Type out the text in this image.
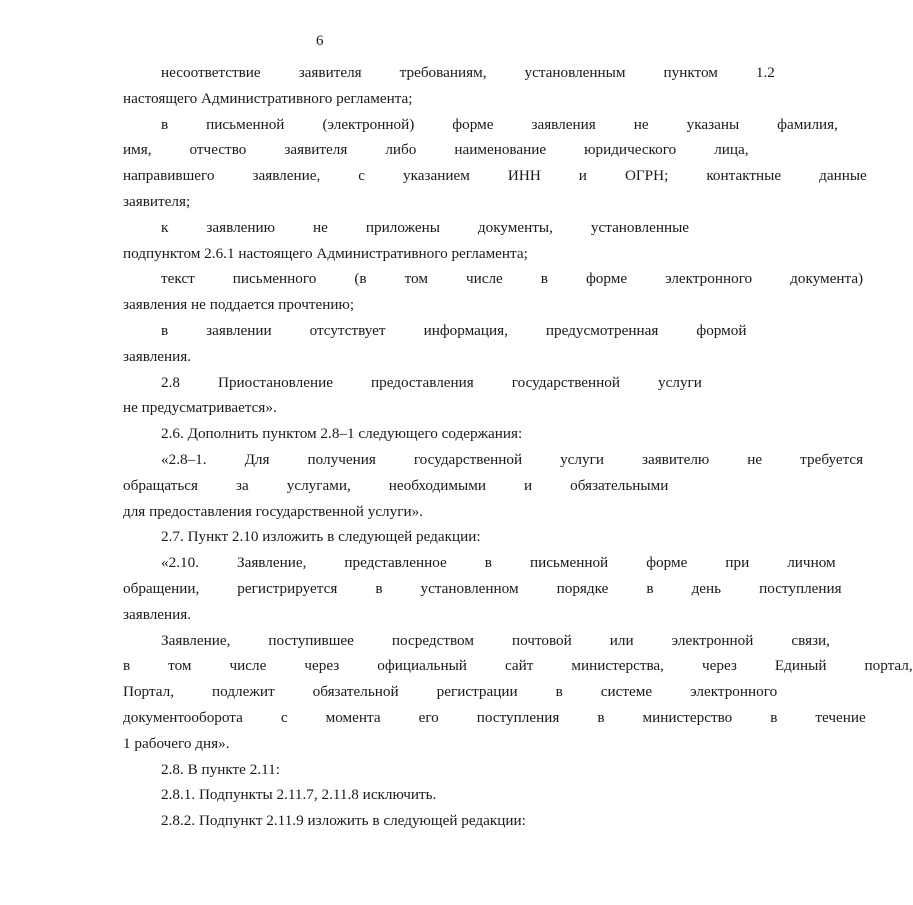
6
несоответствие	заявителя	требованиям,	установленным	пунктом	1.2
настоящего Административного регламента;
в	письменной	(электронной)	форме	заявления	не	указаны	фамилия,
имя,	отчество	заявителя	либо	наименование	юридического	лица,
направившего	заявление,	с	указанием	ИНН	и	ОГРН;	контактные	данные
заявителя;
к	заявлению	не	приложены	документы,	установленные
подпунктом 2.6.1 настоящего Административного регламента;
текст	письменного	(в	том	числе	в	форме	электронного	документа)
заявления не поддается прочтению;
в	заявлении	отсутствует	информация,	предусмотренная	формой
заявления.
2.8	Приостановление	предоставления	государственной	услуги
не предусматривается».
2.6. Дополнить пунктом 2.8–1 следующего содержания:
«2.8–1.	Для	получения	государственной	услуги	заявителю	не	требуется
обращаться	за	услугами,	необходимыми	и	обязательными
для предоставления государственной услуги».
2.7. Пункт 2.10 изложить в следующей редакции:
«2.10.	Заявление,	представленное	в	письменной	форме	при	личном
обращении,	регистрируется	в	установленном	порядке	в	день	поступления
заявления.
Заявление,	поступившее	посредством	почтовой	или	электронной	связи,
в	том	числе	через	официальный	сайт	министерства,	через	Единый	портал,
Портал,	подлежит	обязательной	регистрации	в	системе	электронного
документооборота	с	момента	его	поступления	в	министерство	в	течение
1 рабочего дня».
2.8. В пункте 2.11:
2.8.1. Подпункты 2.11.7, 2.11.8 исключить.
2.8.2. Подпункт 2.11.9 изложить в следующей редакции:
